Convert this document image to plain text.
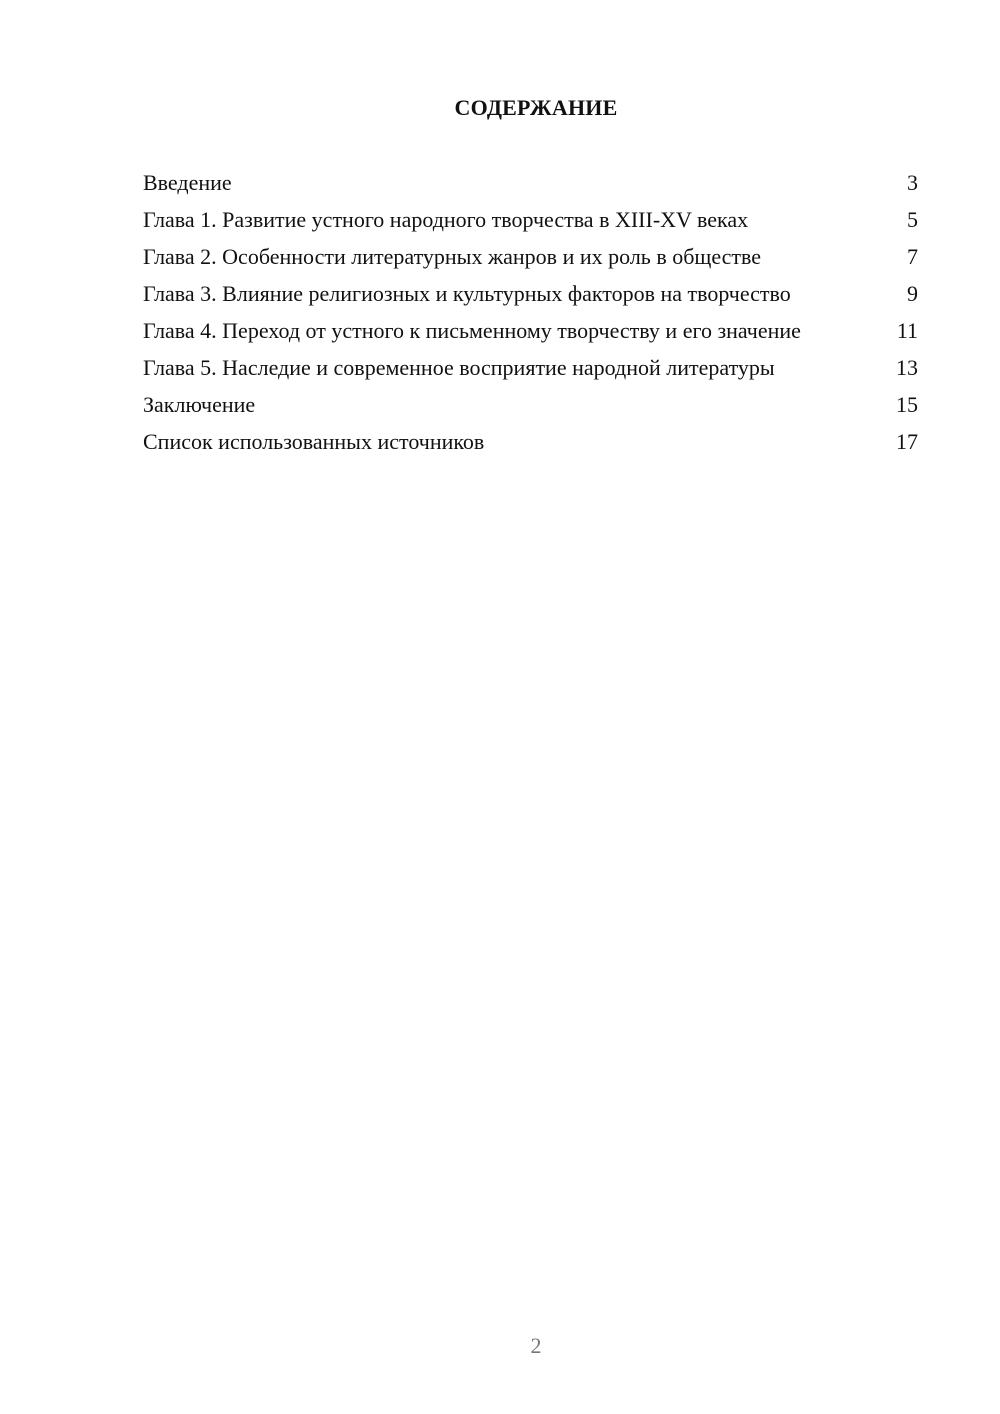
СОДЕРЖАНИЕ
Введение	3
Глава 1. Развитие устного народного творчества в XIII-XV веках	5
Глава 2. Особенности литературных жанров и их роль в обществе	7
Глава 3. Влияние религиозных и культурных факторов на творчество	9
Глава 4. Переход от устного к письменному творчеству и его значение	11
Глава 5. Наследие и современное восприятие народной литературы	13
Заключение	15
Список использованных источников	17
2
